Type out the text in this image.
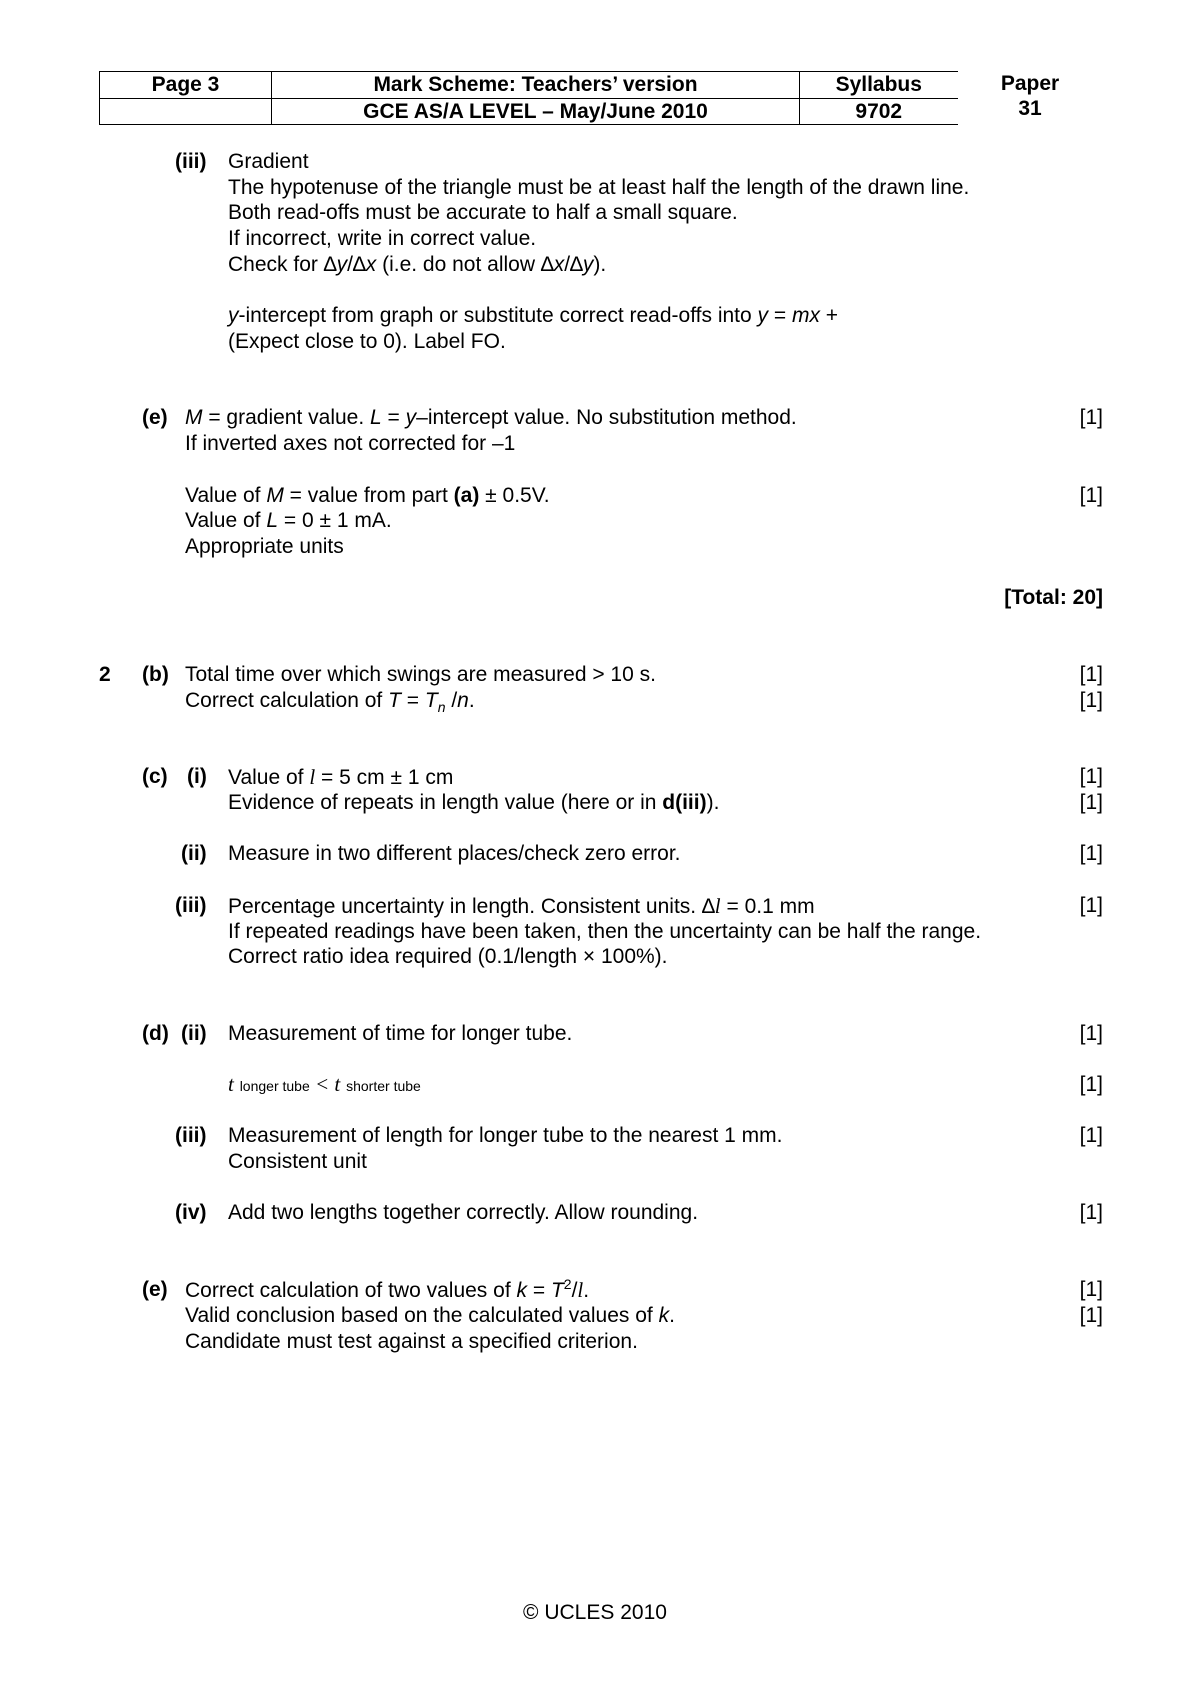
Page 3	Mark Scheme: Teachers’ version	Syllabus
	GCE AS/A LEVEL – May/June 2010	9702
Paper
31
(iii) Gradient
The hypotenuse of the triangle must be at least half the length of the drawn line.
Both read-offs must be accurate to half a small square.
If incorrect, write in correct value.
Check for ∆y/∆x (i.e. do not allow ∆x/∆y).
y-intercept from graph or substitute correct read-offs into y = mx +
(Expect close to 0). Label FO.
(e) M = gradient value. L = y–intercept value. No substitution method.	[1]
If inverted axes not corrected for –1
Value of M = value from part (a) ± 0.5V.	[1]
Value of L = 0 ± 1 mA.
Appropriate units
[Total: 20]
2 (b) Total time over which swings are measured > 10 s.	[1]
Correct calculation of $T = T_n$ /n.	[1]
(c) (i) Value of l = 5 cm ± 1 cm	[1]
Evidence of repeats in length value (here or in d(iii)).	[1]
(ii) Measure in two different places/check zero error.	[1]
(iii) Percentage uncertainty in length. Consistent units. ∆l = 0.1 mm	[1]
If repeated readings have been taken, then the uncertainty can be half the range.
Correct ratio idea required (0.1/length × 100%).
(d) (ii) Measurement of time for longer tube.	[1]
t longer tube < t shorter tube	[1]
(iii) Measurement of length for longer tube to the nearest 1 mm.	[1]
Consistent unit
(iv) Add two lengths together correctly. Allow rounding.	[1]
(e) Correct calculation of two values of $k = T^2/l$.	[1]
Valid conclusion based on the calculated values of k.	[1]
Candidate must test against a specified criterion.
© UCLES 2010
